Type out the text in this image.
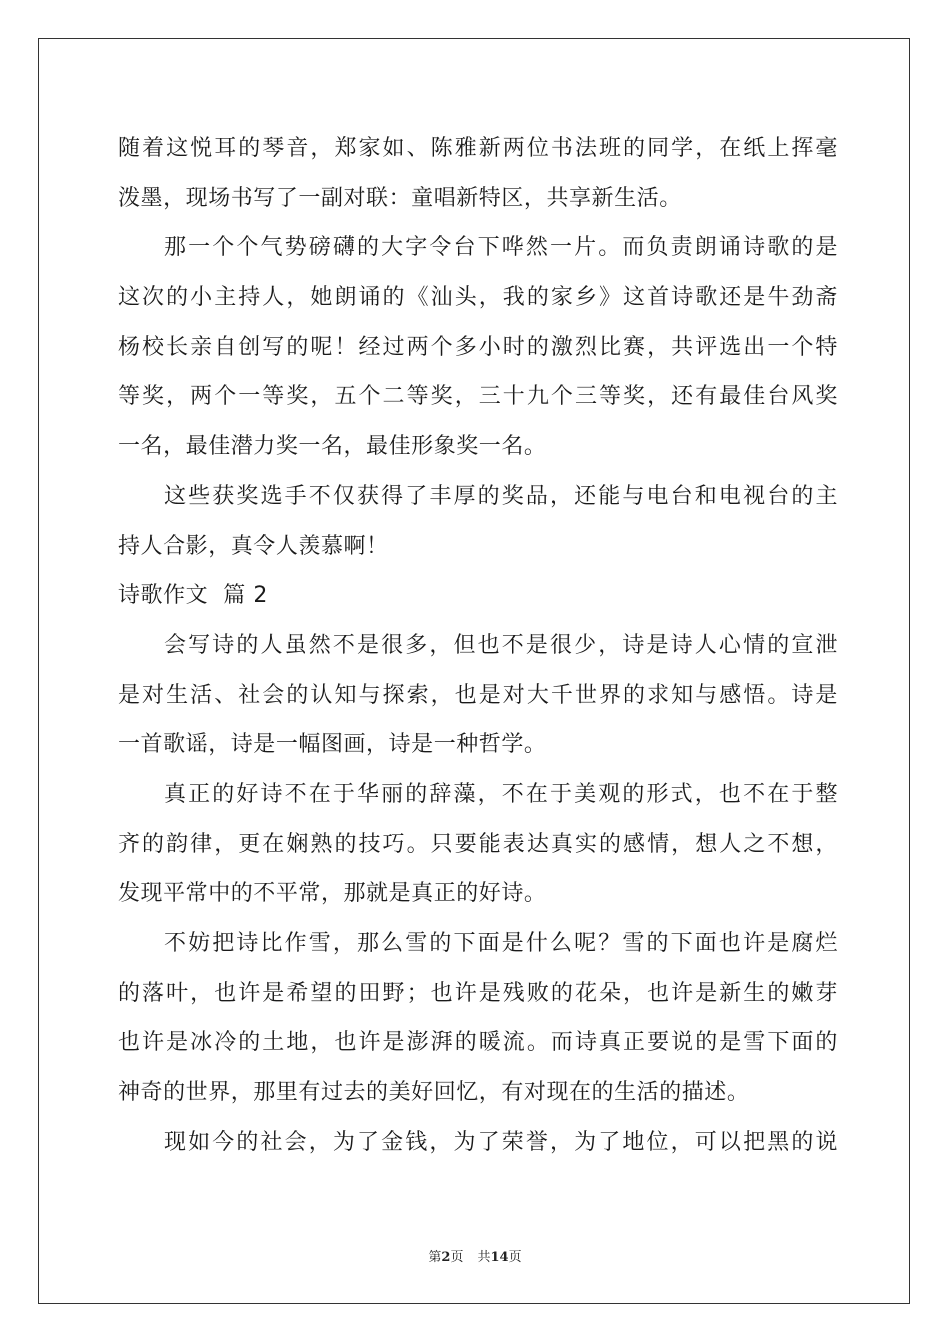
随着这悦耳的琴音，郑家如、陈雅新两位书法班的同学，在纸上挥毫
泼墨，现场书写了一副对联：童唱新特区，共享新生活。
那一个个气势磅礴的大字令台下哗然一片。而负责朗诵诗歌的是
这次的小主持人，她朗诵的《汕头，我的家乡》这首诗歌还是牛劲斋
杨校长亲自创写的呢！经过两个多小时的激烈比赛，共评选出一个特
等奖，两个一等奖，五个二等奖，三十九个三等奖，还有最佳台风奖
一名，最佳潜力奖一名，最佳形象奖一名。
这些获奖选手不仅获得了丰厚的奖品，还能与电台和电视台的主
持人合影，真令人羡慕啊！
诗歌作文  篇 2
会写诗的人虽然不是很多，但也不是很少，诗是诗人心情的宣泄
是对生活、社会的认知与探索，也是对大千世界的求知与感悟。诗是
一首歌谣，诗是一幅图画，诗是一种哲学。
真正的好诗不在于华丽的辞藻，不在于美观的形式，也不在于整
齐的韵律，更在娴熟的技巧。只要能表达真实的感情，想人之不想，
发现平常中的不平常，那就是真正的好诗。
不妨把诗比作雪，那么雪的下面是什么呢？雪的下面也许是腐烂
的落叶，也许是希望的田野；也许是残败的花朵，也许是新生的嫩芽
也许是冰冷的土地，也许是澎湃的暖流。而诗真正要说的是雪下面的
神奇的世界，那里有过去的美好回忆，有对现在的生活的描述。
现如今的社会，为了金钱，为了荣誉，为了地位，可以把黑的说
第2页 共14页
